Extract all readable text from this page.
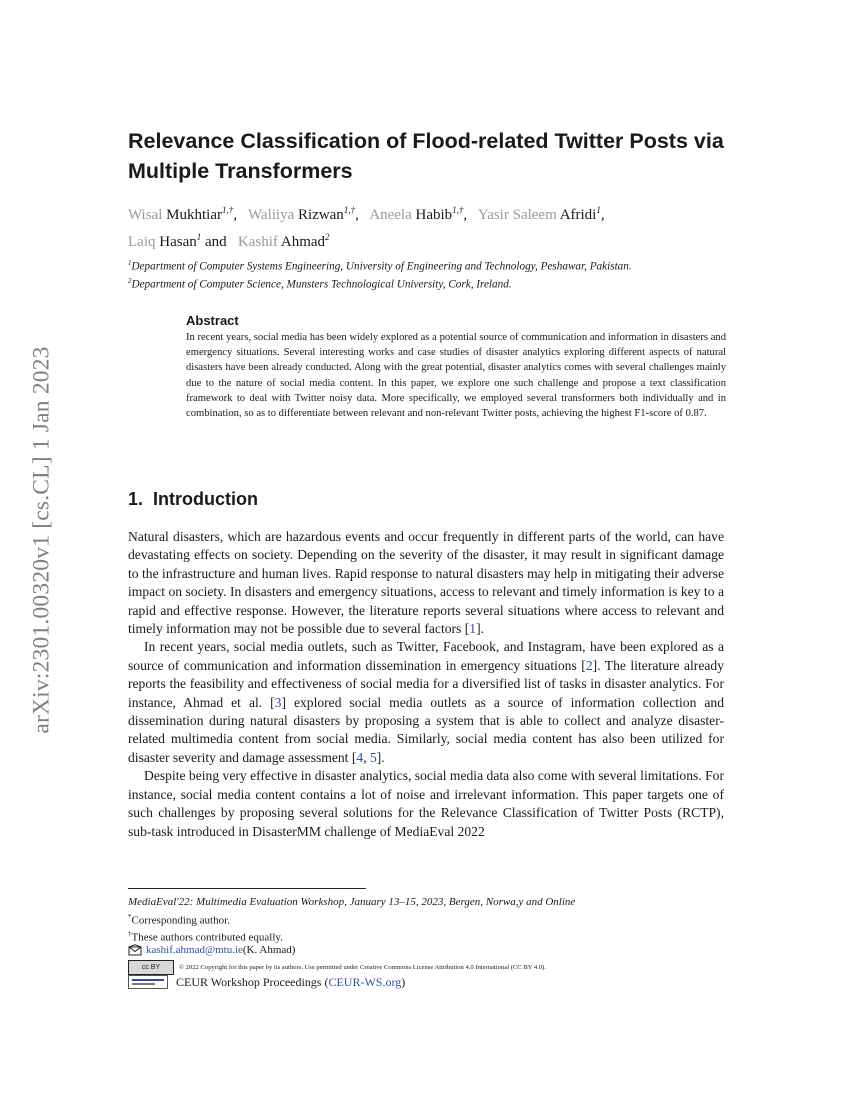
arXiv:2301.00320v1 [cs.CL] 1 Jan 2023
Relevance Classification of Flood-related Twitter Posts via Multiple Transformers
Wisal Mukhtiar$^{1,\dagger}$,   Waliiya Rizwan$^{1,\dagger}$,   Aneela Habib$^{1,\dagger}$,   Yasir Saleem Afridi$^1$,
Laiq Hasan$^1$ and   Kashif Ahmad$^2$
$^1$Department of Computer Systems Engineering, University of Engineering and Technology, Peshawar, Pakistan.
$^2$Department of Computer Science, Munsters Technological University, Cork, Ireland.
Abstract

In recent years, social media has been widely explored as a potential source of communication and information in disasters and emergency situations. Several interesting works and case studies of disaster analytics exploring different aspects of natural disasters have been already conducted. Along with the great potential, disaster analytics comes with several challenges mainly due to the nature of social media content. In this paper, we explore one such challenge and propose a text classification framework to deal with Twitter noisy data. More specifically, we employed several transformers both individually and in combination, so as to differentiate between relevant and non-relevant Twitter posts, achieving the highest F1-score of 0.87.

1. Introduction

Natural disasters, which are hazardous events and occur frequently in different parts of the world, can have devastating effects on society. Depending on the severity of the disaster, it may result in significant damage to the infrastructure and human lives. Rapid response to natural disasters may help in mitigating their adverse impact on society. In disasters and emergency situations, access to relevant and timely information is key to a rapid and effective response. However, the literature reports several situations where access to relevant and timely information may not be possible due to several factors [1].

In recent years, social media outlets, such as Twitter, Facebook, and Instagram, have been explored as a source of communication and information dissemination in emergency situations [2]. The literature already reports the feasibility and effectiveness of social media for a diversified list of tasks in disaster analytics. For instance, Ahmad et al. [3] explored social media outlets as a source of information collection and dissemination during natural disasters by proposing a system that is able to collect and analyze disaster-related multimedia content from social media. Similarly, social media content has also been utilized for disaster severity and damage assessment [4, 5].

Despite being very effective in disaster analytics, social media data also come with several limitations. For instance, social media content contains a lot of noise and irrelevant information. This paper targets one of such challenges by proposing several solutions for the Relevance Classification of Twitter Posts (RCTP), sub-task introduced in DisasterMM challenge of MediaEval 2022

MediaEval'22: Multimedia Evaluation Workshop, January 13–15, 2023, Bergen, Norwa,y and Online
*Corresponding author.
†These authors contributed equally.
kashif.ahmad@mtu.ie (K. Ahmad)
cc BY	© 2022 Copyright for this paper by its authors. Use permitted under Creative Commons License Attribution 4.0 International (CC BY 4.0).
CEUR Workshop Proceedings ( CEUR-WS.org )
